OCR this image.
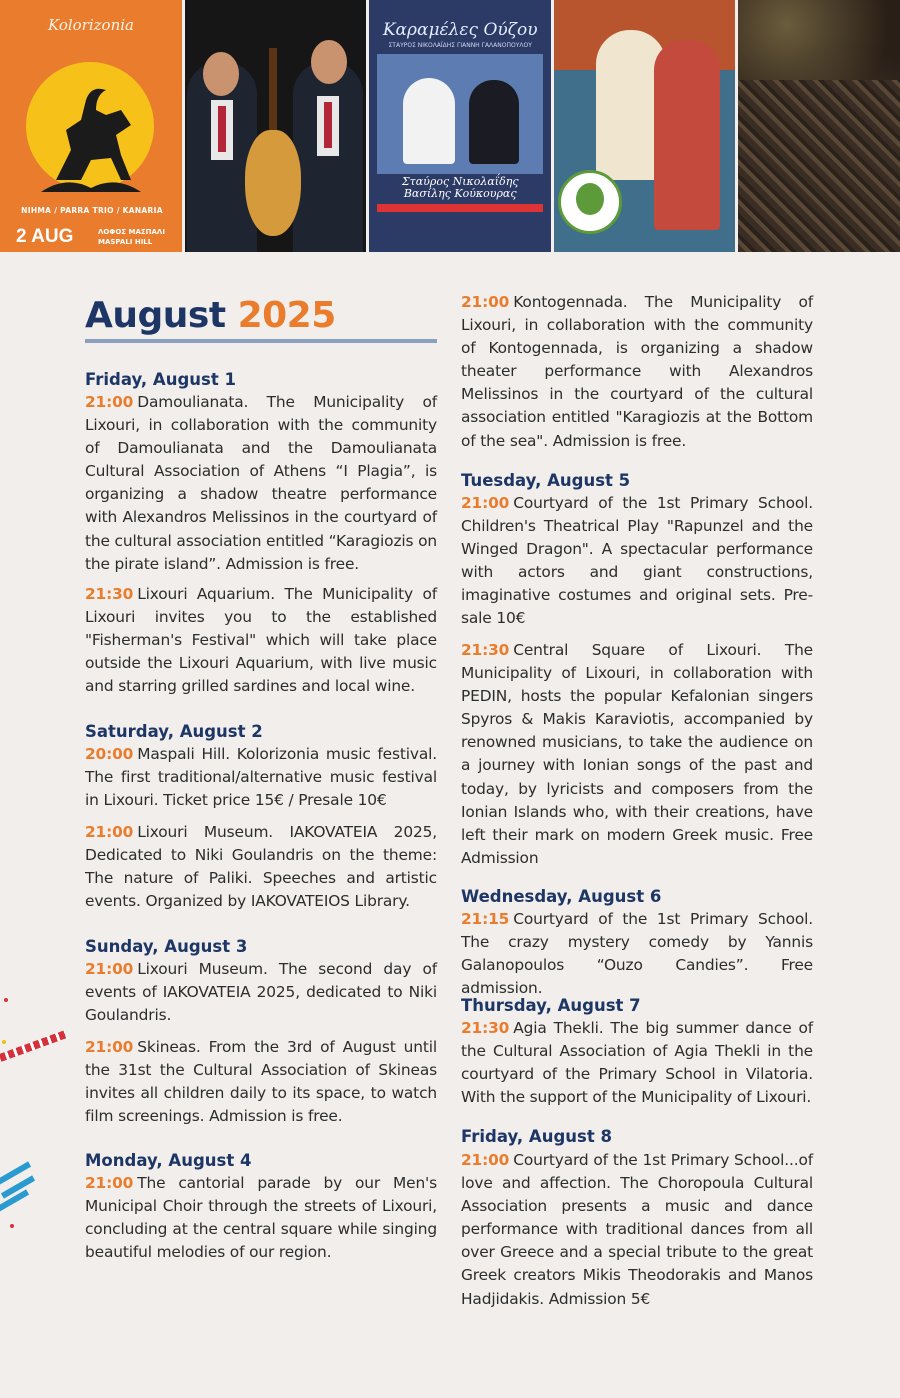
Kolorizonia
NIHMA / PARRA TRIO / KANARIA
2 AUG	ΛΟΦΟΣ ΜΑΣΠΑΛΙ MASPALI HILL
Καραμέλες Ούζου
ΣΤΑΥΡΟΣ ΝΙΚΟΛΑΪΔΗΣ ΓΙΑΝΝΗ ΓΑΛΑΝΟΠΟΥΛΟΥ
Σταύρος Νικολαΐδης
Βασίλης Κούκουρας
August 2025
Friday, August 1
21:00 Damoulianata. The Municipality of Lixouri, in collaboration with the community of Damoulianata and the Damoulianata Cultural Association of Athens “I Plagia”, is organizing a shadow theatre performance with Alexandros Melissinos in the courtyard of the cultural association entitled “Karagiozis on the pirate island”. Admission is free.
21:30 Lixouri Aquarium. The Municipality of Lixouri invites you to the established "Fisherman's Festival" which will take place outside the Lixouri Aquarium, with live music and starring grilled sardines and local wine.
Saturday, August 2
20:00 Maspali Hill. Kolorizonia music festival. The first traditional/alternative music festival in Lixouri. Ticket price 15€ / Presale 10€
21:00 Lixouri Museum. IAKOVATEIA 2025, Dedicated to Niki Goulandris on the theme: The nature of Paliki. Speeches and artistic events. Organized by IAKOVATEIOS Library.
Sunday, August 3
21:00 Lixouri Museum. The second day of events of IAKOVATEIA 2025, dedicated to Niki Goulandris.
21:00 Skineas. From the 3rd of August until the 31st the Cultural Association of Skineas invites all children daily to its space, to watch film screenings. Admission is free.
Monday, August 4
21:00 The cantorial parade by our Men's Municipal Choir through the streets of Lixouri, concluding at the central square while singing beautiful melodies of our region.
21:00 Kontogennada. The Municipality of Lixouri, in collaboration with the community of Kontogennada, is organizing a shadow theater performance with Alexandros Melissinos in the courtyard of the cultural association entitled "Karagiozis at the Bottom of the sea". Admission is free.
Tuesday, August 5
21:00 Courtyard of the 1st Primary School. Children's Theatrical Play "Rapunzel and the Winged Dragon". A spectacular performance with actors and giant constructions, imaginative costumes and original sets. Pre-sale 10€
21:30 Central Square of Lixouri. The Municipality of Lixouri, in collaboration with PEDIN, hosts the popular Kefalonian singers Spyros & Makis Karaviotis, accompanied by renowned musicians, to take the audience on a journey with Ionian songs of the past and today, by lyricists and composers from the Ionian Islands who, with their creations, have left their mark on modern Greek music. Free Admission
Wednesday, August 6
21:15 Courtyard of the 1st Primary School. The crazy mystery comedy by Yannis Galanopoulos “Ouzo Candies”. Free admission.
Thursday, August 7
21:30 Agia Thekli. The big summer dance of the Cultural Association of Agia Thekli in the courtyard of the Primary School in Vilatoria. With the support of the Municipality of Lixouri.
Friday, August 8
21:00 Courtyard of the 1st Primary School...of love and affection. The Choropoula Cultural Association presents a music and dance performance with traditional dances from all over Greece and a special tribute to the great Greek creators Mikis Theodorakis and Manos Hadjidakis. Admission 5€
